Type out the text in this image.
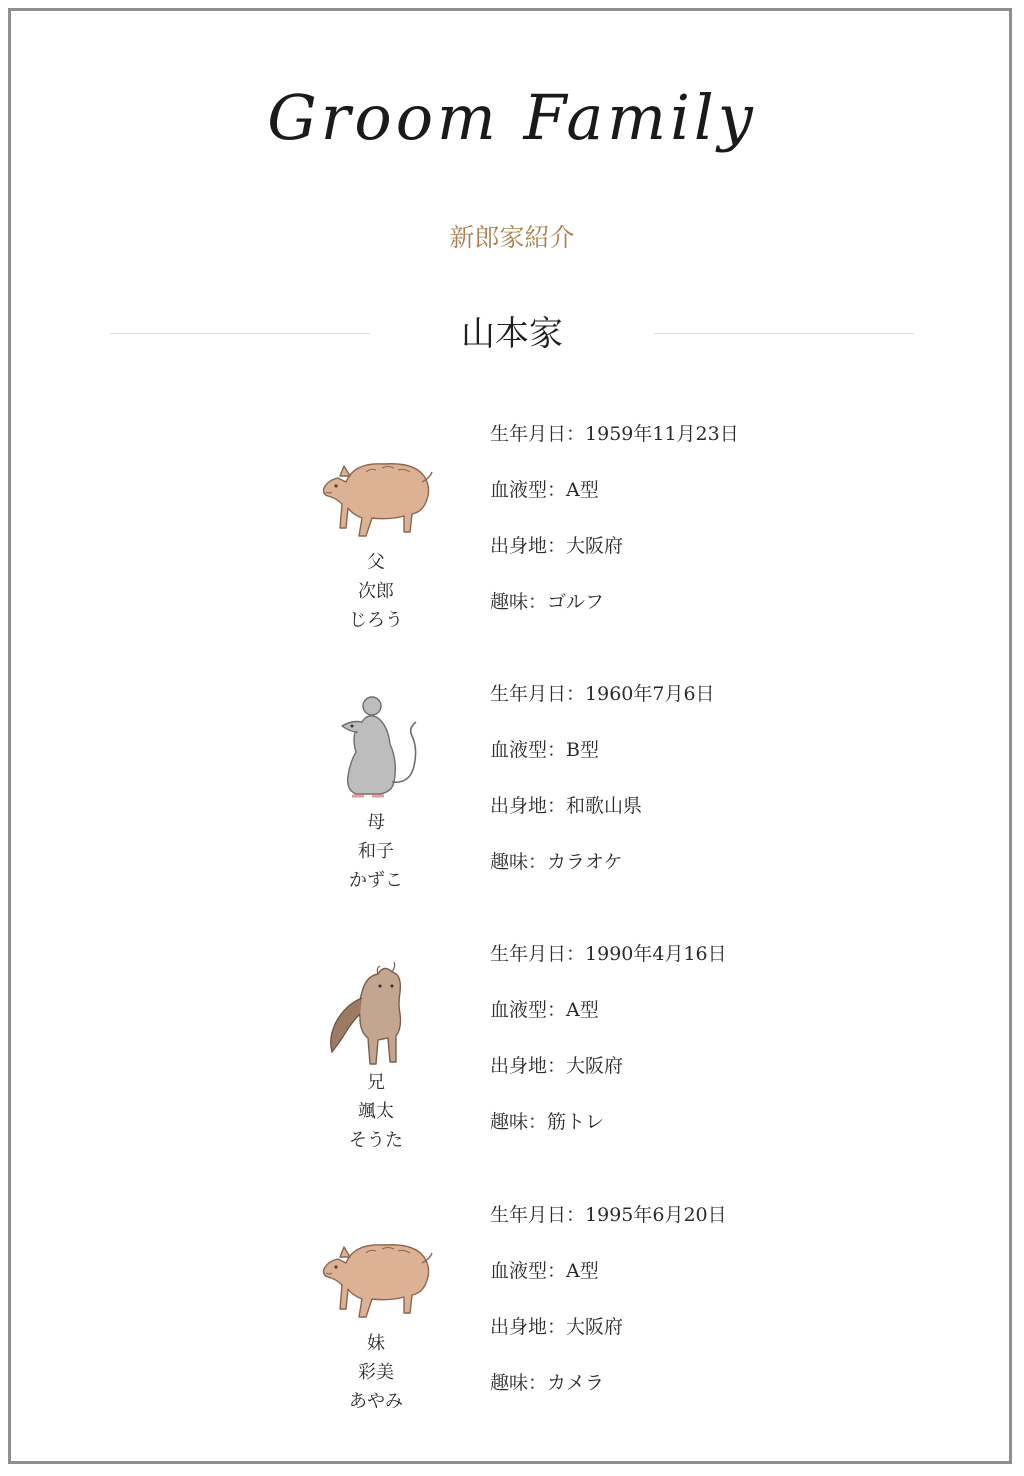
Groom Family
新郎家紹介
山本家
父
次郎
じろう
生年月日：1959年11月23日
血液型：A型
出身地：大阪府
趣味：ゴルフ
母
和子
かずこ
生年月日：1960年7月6日
血液型：B型
出身地：和歌山県
趣味：カラオケ
兄
颯太
そうた
生年月日：1990年4月16日
血液型：A型
出身地：大阪府
趣味：筋トレ
妹
彩美
あやみ
生年月日：1995年6月20日
血液型：A型
出身地：大阪府
趣味：カメラ
